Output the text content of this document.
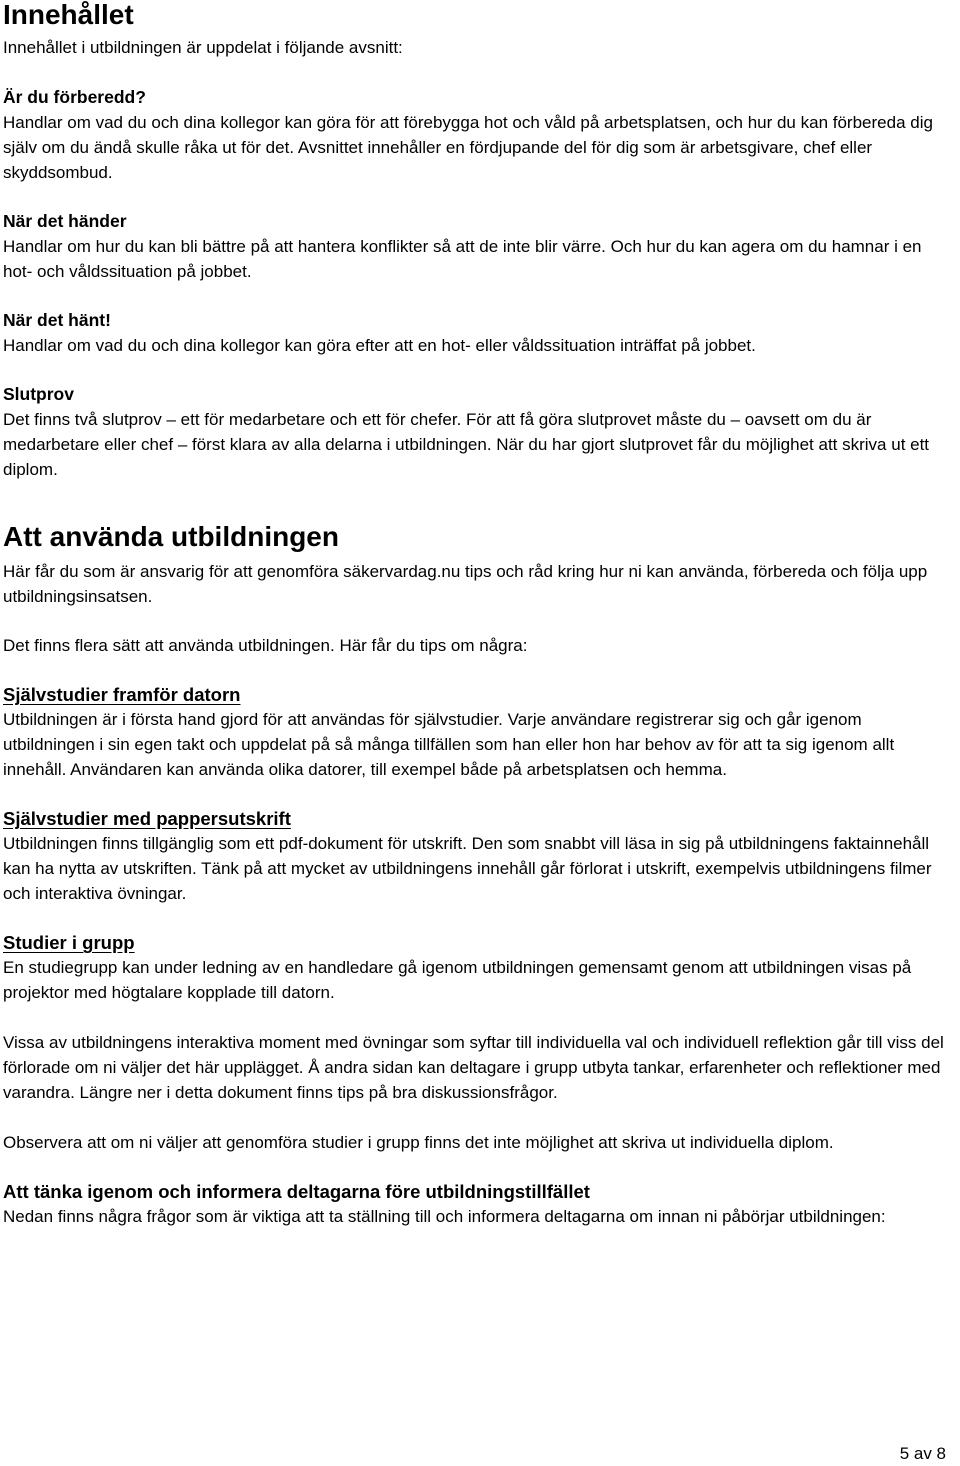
Innehållet

Innehållet i utbildningen är uppdelat i följande avsnitt:

Är du förberedd?

Handlar om vad du och dina kollegor kan göra för att förebygga hot och våld på arbetsplatsen, och hur du kan förbereda dig själv om du ändå skulle råka ut för det. Avsnittet innehåller en fördjupande del för dig som är arbetsgivare, chef eller skyddsombud.

När det händer

Handlar om hur du kan bli bättre på att hantera konflikter så att de inte blir värre. Och hur du kan agera om du hamnar i en hot- och våldssituation på jobbet.

När det hänt!

Handlar om vad du och dina kollegor kan göra efter att en hot- eller våldssituation inträffat på jobbet.

Slutprov

Det finns två slutprov – ett för medarbetare och ett för chefer. För att få göra slutprovet måste du – oavsett om du är medarbetare eller chef – först klara av alla delarna i utbildningen. När du har gjort slutprovet får du möjlighet att skriva ut ett diplom.

Att använda utbildningen

Här får du som är ansvarig för att genomföra säkervardag.nu tips och råd kring hur ni kan använda, förbereda och följa upp utbildningsinsatsen.

Det finns flera sätt att använda utbildningen. Här får du tips om några:

Självstudier framför datorn

Utbildningen är i första hand gjord för att användas för självstudier. Varje användare registrerar sig och går igenom utbildningen i sin egen takt och uppdelat på så många tillfällen som han eller hon har behov av för att ta sig igenom allt innehåll. Användaren kan använda olika datorer, till exempel både på arbetsplatsen och hemma.

Självstudier med pappersutskrift

Utbildningen finns tillgänglig som ett pdf-dokument för utskrift. Den som snabbt vill läsa in sig på utbildningens faktainnehåll kan ha nytta av utskriften. Tänk på att mycket av utbildningens innehåll går förlorat i utskrift, exempelvis utbildningens filmer och interaktiva övningar.

Studier i grupp

En studiegrupp kan under ledning av en handledare gå igenom utbildningen gemensamt genom att utbildningen visas på projektor med högtalare kopplade till datorn.

Vissa av utbildningens interaktiva moment med övningar som syftar till individuella val och individuell reflektion går till viss del förlorade om ni väljer det här upplägget. Å andra sidan kan deltagare i grupp utbyta tankar, erfarenheter och reflektioner med varandra. Längre ner i detta dokument finns tips på bra diskussionsfrågor.

Observera att om ni väljer att genomföra studier i grupp finns det inte möjlighet att skriva ut individuella diplom.

Att tänka igenom och informera deltagarna före utbildningstillfället

Nedan finns några frågor som är viktiga att ta ställning till och informera deltagarna om innan ni påbörjar utbildningen:

5 av 8
